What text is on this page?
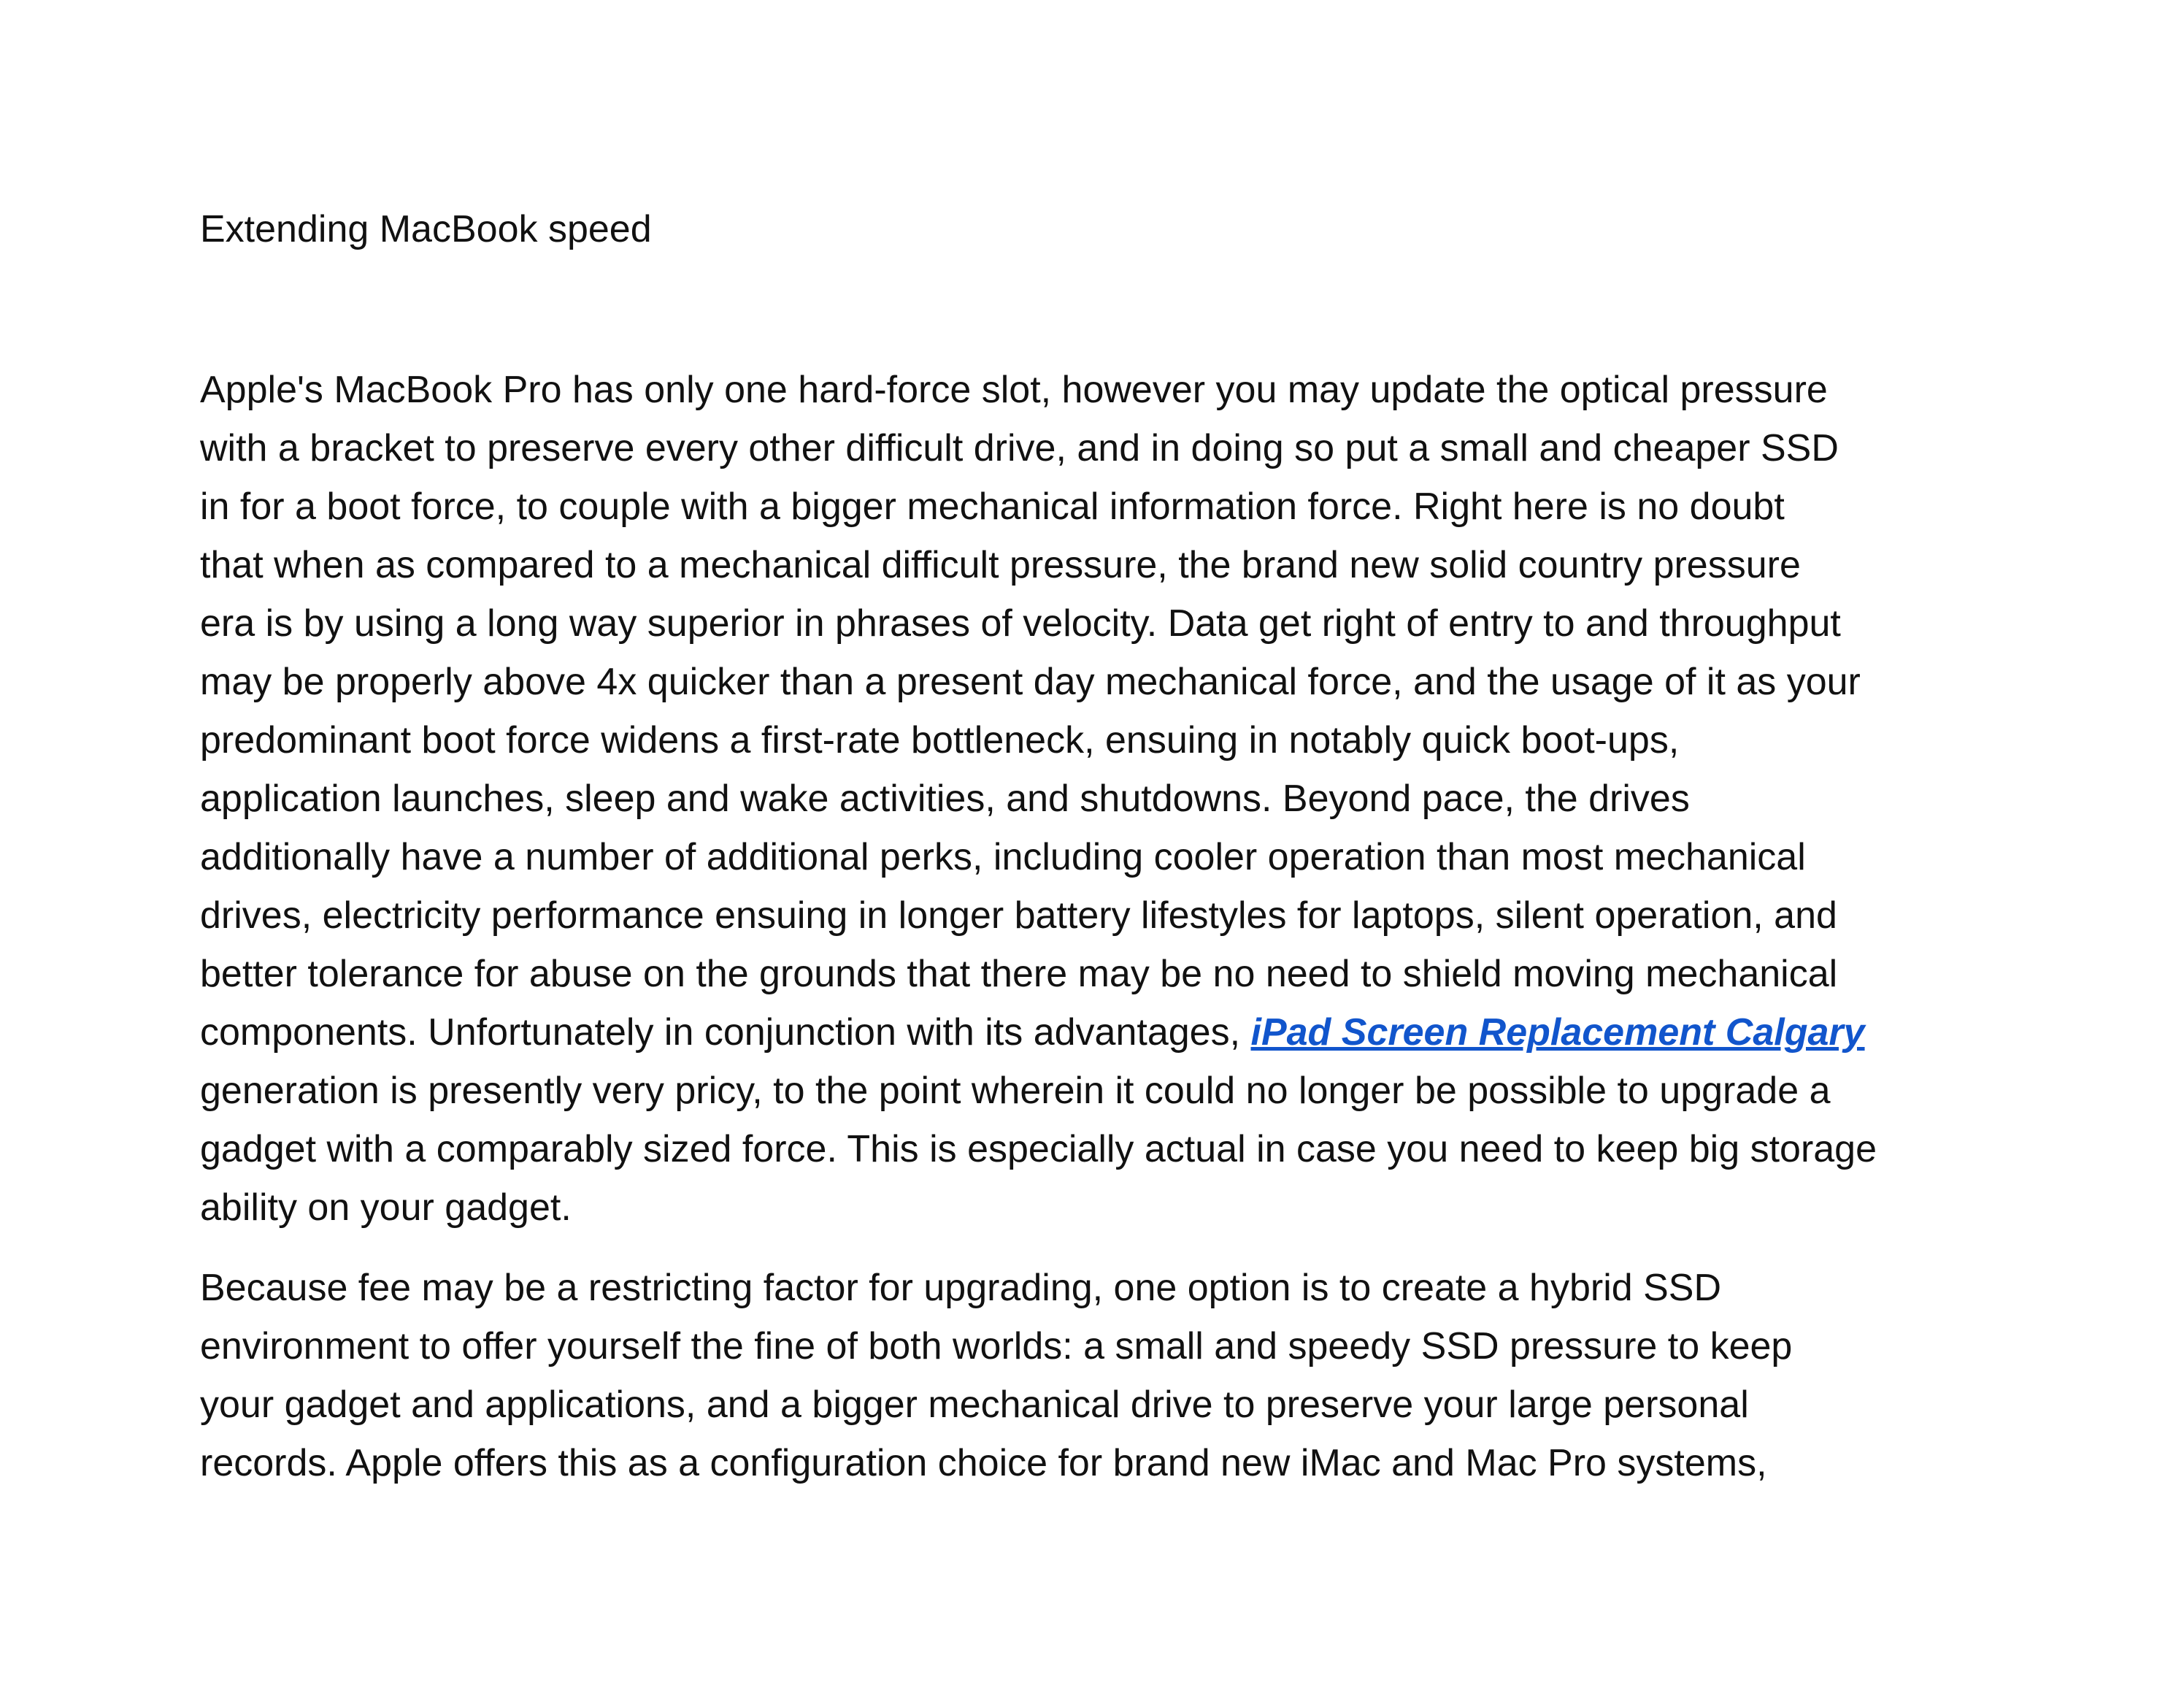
Extending MacBook speed

Apple's MacBook Pro has only one hard-force slot, however you may update the optical pressure
with a bracket to preserve every other difficult drive, and in doing so put a small and cheaper SSD
in for a boot force, to couple with a bigger mechanical information force. Right here is no doubt
that when as compared to a mechanical difficult pressure, the brand new solid country pressure
era is by using a long way superior in phrases of velocity. Data get right of entry to and throughput
may be properly above 4x quicker than a present day mechanical force, and the usage of it as your
predominant boot force widens a first-rate bottleneck, ensuing in notably quick boot-ups,
application launches, sleep and wake activities, and shutdowns. Beyond pace, the drives
additionally have a number of additional perks, including cooler operation than most mechanical
drives, electricity performance ensuing in longer battery lifestyles for laptops, silent operation, and
better tolerance for abuse on the grounds that there may be no need to shield moving mechanical
components. Unfortunately in conjunction with its advantages, iPad Screen Replacement Calgary
generation is presently very pricy, to the point wherein it could no longer be possible to upgrade a
gadget with a comparably sized force. This is especially actual in case you need to keep big storage
ability on your gadget.

Because fee may be a restricting factor for upgrading, one option is to create a hybrid SSD
environment to offer yourself the fine of both worlds: a small and speedy SSD pressure to keep
your gadget and applications, and a bigger mechanical drive to preserve your large personal
records. Apple offers this as a configuration choice for brand new iMac and Mac Pro systems,
